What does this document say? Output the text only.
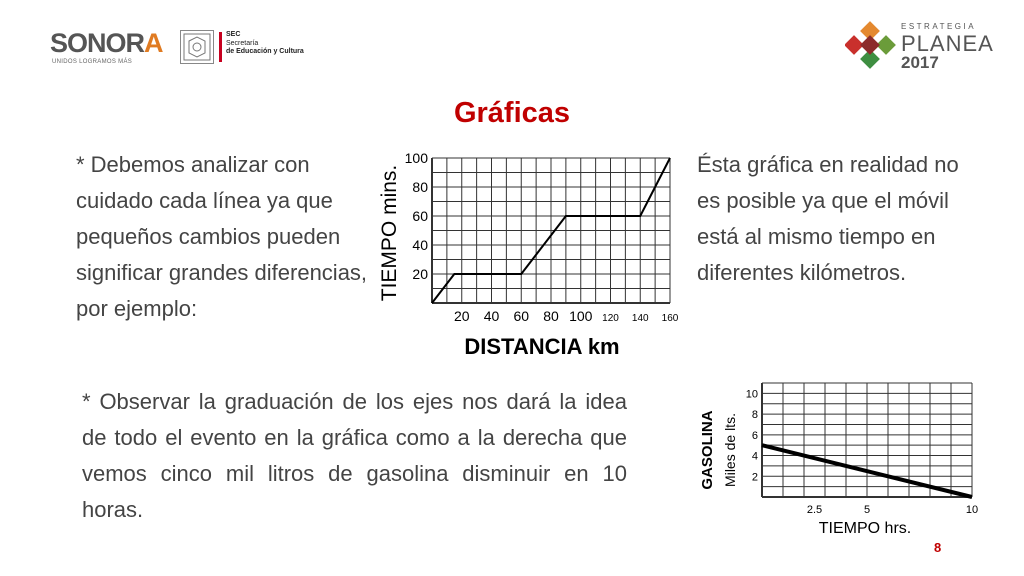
SONORA
UNIDOS LOGRAMOS MÁS
SEC
Secretaría

de Educación y Cultura
ESTRATEGIA
PLANEA
2017
Gráficas
* Debemos analizar con cuidado cada línea ya que pequeños cambios pueden significar grandes diferencias, por ejemplo:
Ésta gráfica en realidad no es posible ya que el móvil está al mismo tiempo en diferentes kilómetros.
* Observar la graduación de los ejes nos dará la idea de todo el evento en la gráfica como a la derecha que vemos cinco mil litros de gasolina disminuir en 10 horas.
20 40 60 80 100 120 140 160
20
40
60
80
100
TIEMPO mins.
DISTANCIA km
2.5	5	10
2
4
6
8
10
GASOLINA Miles de lts.
TIEMPO hrs.
8
